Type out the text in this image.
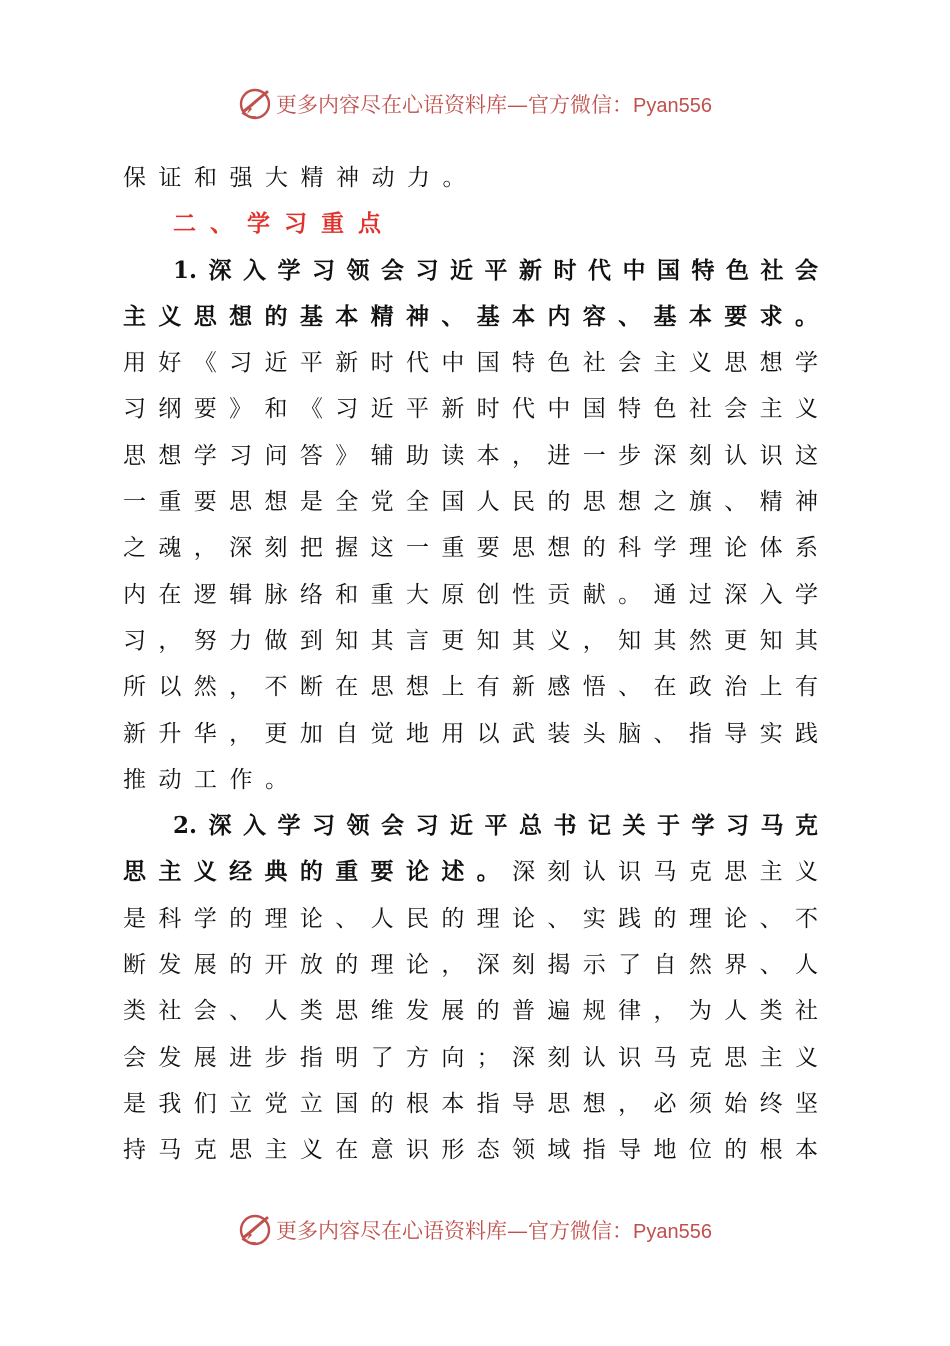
更多内容尽在心语资料库—官方微信：Pyan556
保证和强大精神动力。
二、学习重点
1.深入学习领会习近平新时代中国特色社会
主义思想的基本精神、基本内容、基本要求。
用好《习近平新时代中国特色社会主义思想学
习纲要》和《习近平新时代中国特色社会主义
思想学习问答》辅助读本，进一步深刻认识这
一重要思想是全党全国人民的思想之旗、精神
之魂，深刻把握这一重要思想的科学理论体系
内在逻辑脉络和重大原创性贡献。通过深入学
习，努力做到知其言更知其义，知其然更知其
所以然，不断在思想上有新感悟、在政治上有
新升华，更加自觉地用以武装头脑、指导实践
推动工作。
2.深入学习领会习近平总书记关于学习马克
思主义经典的重要论述。深刻认识马克思主义
是科学的理论、人民的理论、实践的理论、不
断发展的开放的理论，深刻揭示了自然界、人
类社会、人类思维发展的普遍规律，为人类社
会发展进步指明了方向；深刻认识马克思主义
是我们立党立国的根本指导思想，必须始终坚
持马克思主义在意识形态领域指导地位的根本
更多内容尽在心语资料库—官方微信：Pyan556
